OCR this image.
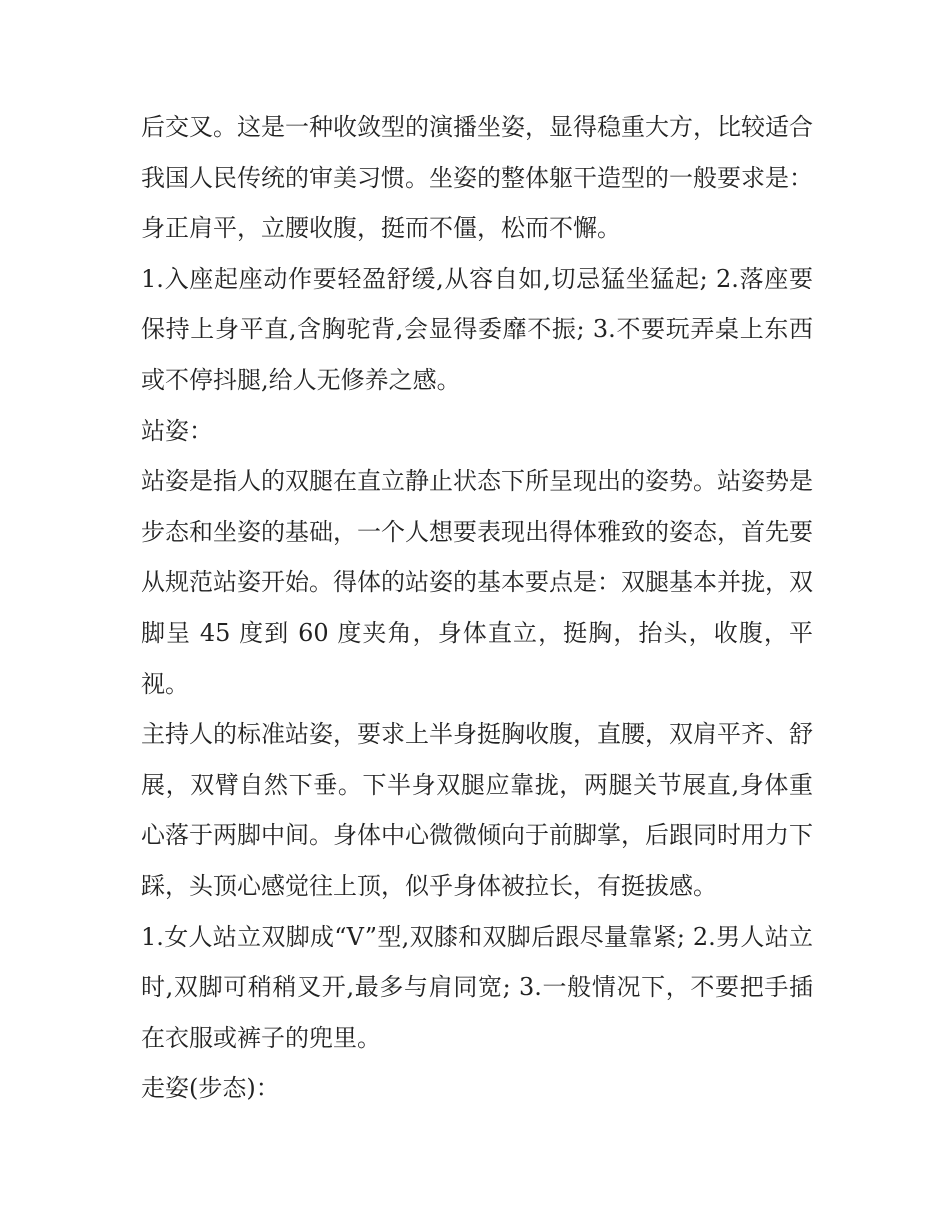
后交叉。这是一种收敛型的演播坐姿，显得稳重大方，比较适合我国人民传统的审美习惯。坐姿的整体躯干造型的一般要求是：身正肩平，立腰收腹，挺而不僵，松而不懈。

1.入座起座动作要轻盈舒缓,从容自如,切忌猛坐猛起; 2.落座要保持上身平直,含胸驼背,会显得委靡不振; 3.不要玩弄桌上东西或不停抖腿,给人无修养之感。

站姿：

站姿是指人的双腿在直立静止状态下所呈现出的姿势。站姿势是步态和坐姿的基础，一个人想要表现出得体雅致的姿态，首先要从规范站姿开始。得体的站姿的基本要点是：双腿基本并拢，双脚呈 45 度到 60 度夹角，身体直立，挺胸，抬头，收腹，平视。

主持人的标准站姿，要求上半身挺胸收腹，直腰，双肩平齐、舒展，双臂自然下垂。下半身双腿应靠拢，两腿关节展直,身体重心落于两脚中间。身体中心微微倾向于前脚掌，后跟同时用力下踩，头顶心感觉往上顶，似乎身体被拉长，有挺拔感。

1.女人站立双脚成“V”型,双膝和双脚后跟尽量靠紧; 2.男人站立时,双脚可稍稍叉开,最多与肩同宽; 3.一般情况下，不要把手插在衣服或裤子的兜里。

走姿(步态)：
